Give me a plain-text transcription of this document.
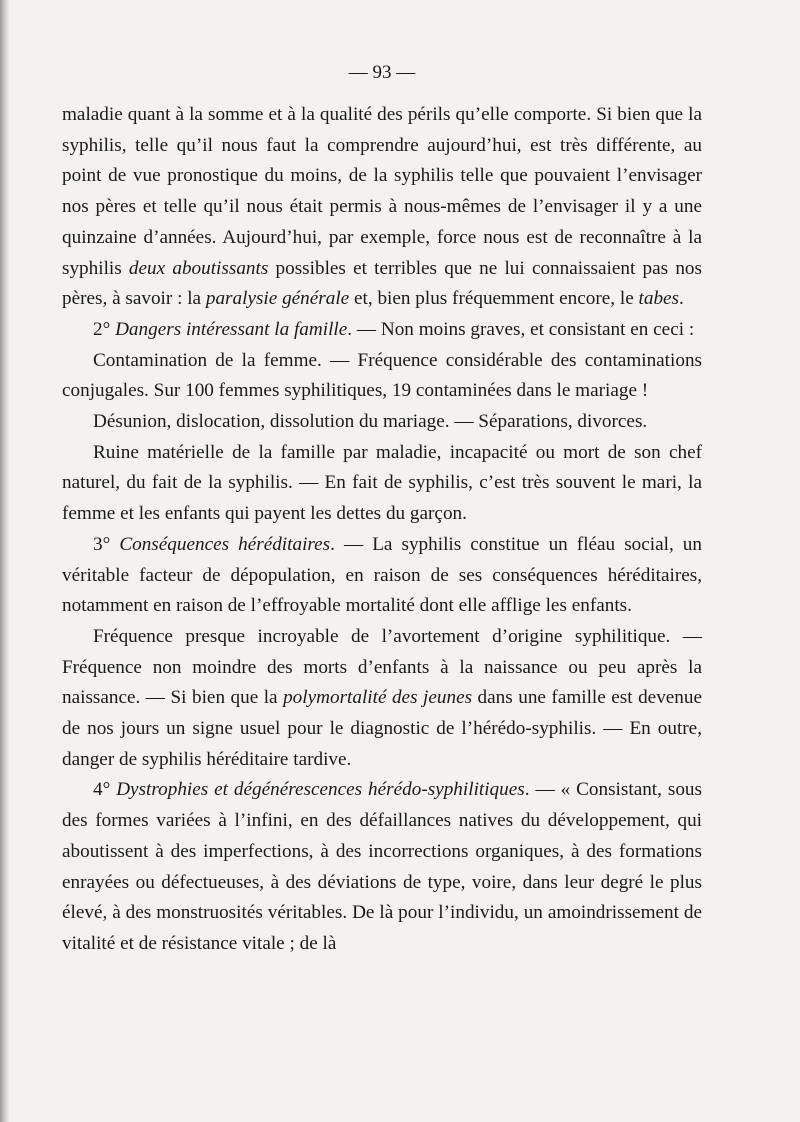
— 93 —

maladie quant à la somme et à la qualité des périls qu’elle comporte. Si bien que la syphilis, telle qu’il nous faut la comprendre aujourd’hui, est très différente, au point de vue pronostique du moins, de la syphilis telle que pouvaient l’envisager nos pères et telle qu’il nous était permis à nous-mêmes de l’envisager il y a une quinzaine d’années. Aujourd’hui, par exemple, force nous est de reconnaître à la syphilis deux aboutissants possibles et terribles que ne lui connaissaient pas nos pères, à savoir : la paralysie générale et, bien plus fréquemment encore, le tabes.

2° Dangers intéressant la famille. — Non moins graves, et consistant en ceci :

Contamination de la femme. — Fréquence considérable des contaminations conjugales. Sur 100 femmes syphilitiques, 19 contaminées dans le mariage !

Désunion, dislocation, dissolution du mariage. — Séparations, divorces.

Ruine matérielle de la famille par maladie, incapacité ou mort de son chef naturel, du fait de la syphilis. — En fait de syphilis, c’est très souvent le mari, la femme et les enfants qui payent les dettes du garçon.

3° Conséquences héréditaires. — La syphilis constitue un fléau social, un véritable facteur de dépopulation, en raison de ses conséquences héréditaires, notamment en raison de l’effroyable mortalité dont elle afflige les enfants.

Fréquence presque incroyable de l’avortement d’origine syphilitique. — Fréquence non moindre des morts d’enfants à la naissance ou peu après la naissance. — Si bien que la polymortalité des jeunes dans une famille est devenue de nos jours un signe usuel pour le diagnostic de l’hérédo-syphilis. — En outre, danger de syphilis héréditaire tardive.

4° Dystrophies et dégénérescences hérédo-syphilitiques. — « Consistant, sous des formes variées à l’infini, en des défaillances natives du développement, qui aboutissent à des imperfections, à des incorrections organiques, à des formations enrayées ou défectueuses, à des déviations de type, voire, dans leur degré le plus élevé, à des monstruosités véritables. De là pour l’individu, un amoindrissement de vitalité et de résistance vitale ; de là
